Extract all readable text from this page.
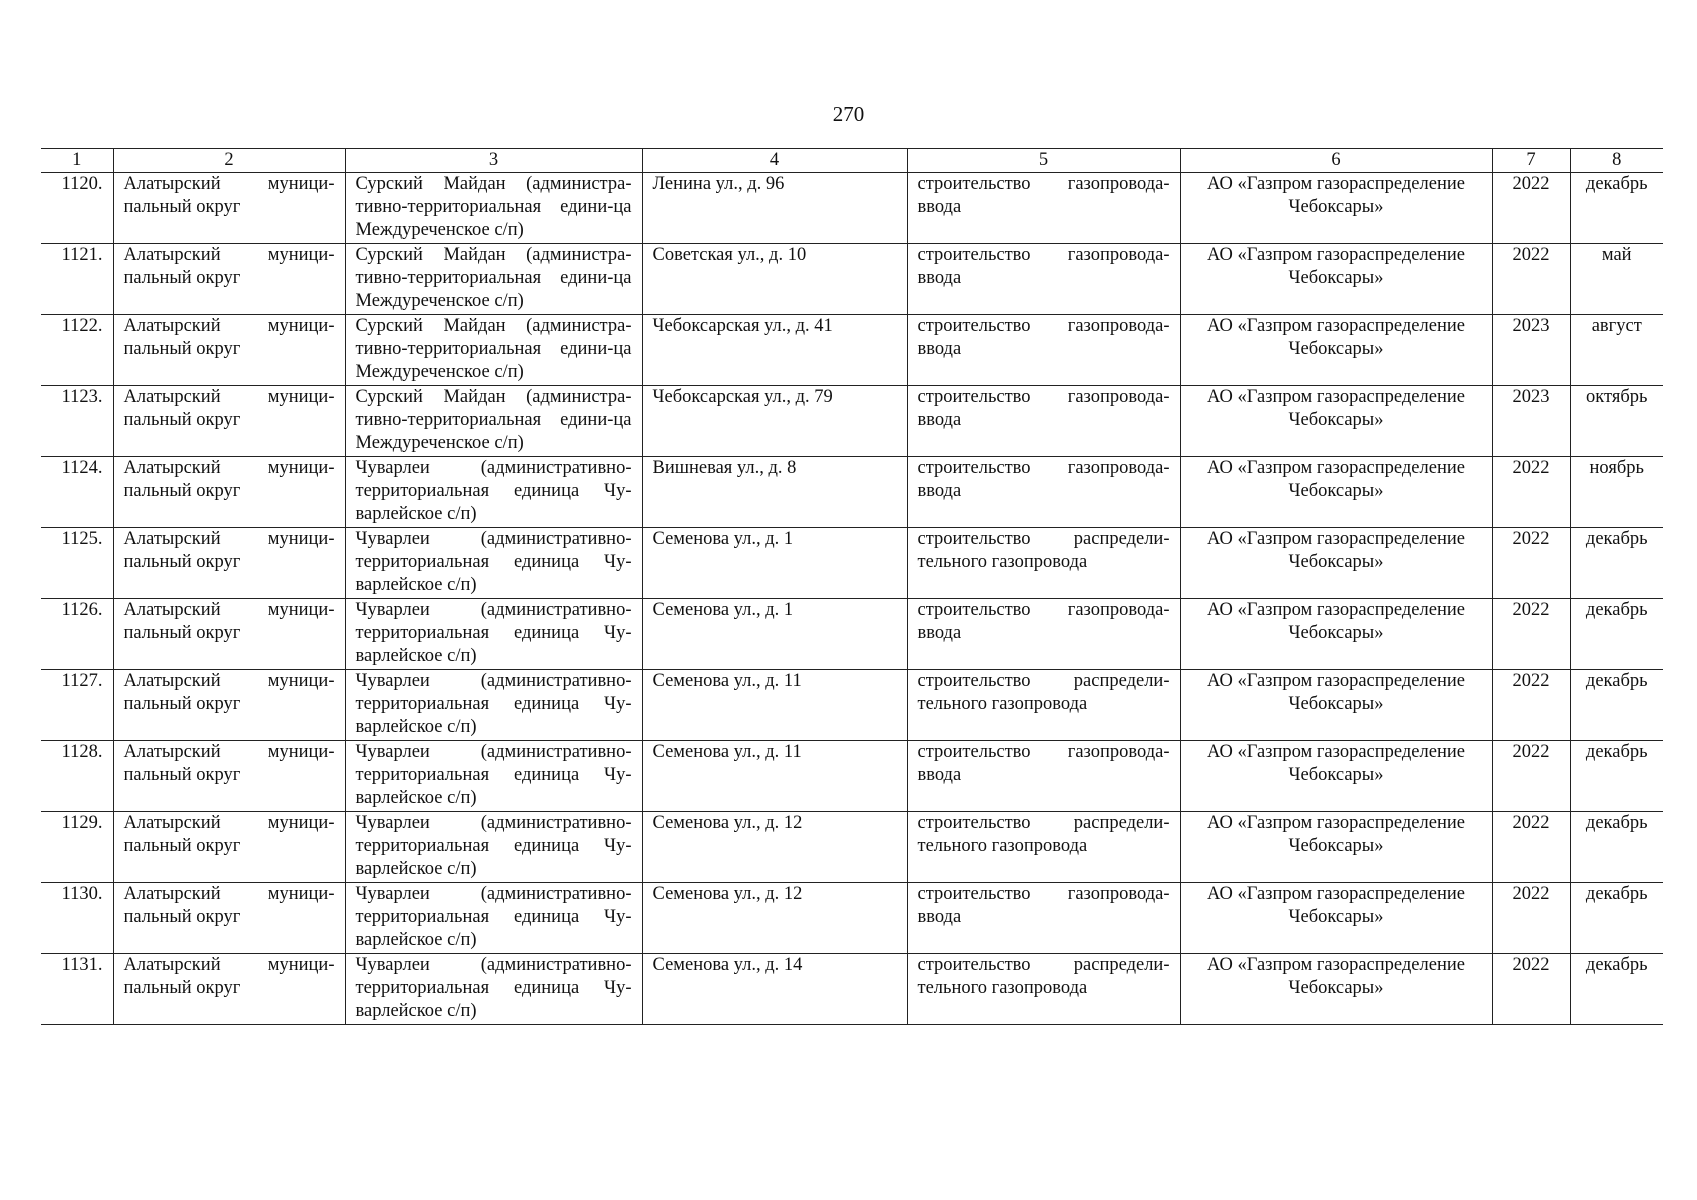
270
1	2	3	4	5	6	7	8
1120.	Алатырский муници-пальный округ	Сурский Майдан (администра-тивно-территориальная едини-ца Междуреченское с/п)	Ленина ул., д. 96	строительство газопровода-ввода	АО «Газпром газораспределение Чебоксары»	2022	декабрь
1121.	Алатырский муници-пальный округ	Сурский Майдан (администра-тивно-территориальная едини-ца Междуреченское с/п)	Советская ул., д. 10	строительство газопровода-ввода	АО «Газпром газораспределение Чебоксары»	2022	май
1122.	Алатырский муници-пальный округ	Сурский Майдан (администра-тивно-территориальная едини-ца Междуреченское с/п)	Чебоксарская ул., д. 41	строительство газопровода-ввода	АО «Газпром газораспределение Чебоксары»	2023	август
1123.	Алатырский муници-пальный округ	Сурский Майдан (администра-тивно-территориальная едини-ца Междуреченское с/п)	Чебоксарская ул., д. 79	строительство газопровода-ввода	АО «Газпром газораспределение Чебоксары»	2023	октябрь
1124.	Алатырский муници-пальный округ	Чуварлеи (административно-территориальная единица Чу-варлейское с/п)	Вишневая ул., д. 8	строительство газопровода-ввода	АО «Газпром газораспределение Чебоксары»	2022	ноябрь
1125.	Алатырский муници-пальный округ	Чуварлеи (административно-территориальная единица Чу-варлейское с/п)	Семенова ул., д. 1	строительство распредели-тельного газопровода	АО «Газпром газораспределение Чебоксары»	2022	декабрь
1126.	Алатырский муници-пальный округ	Чуварлеи (административно-территориальная единица Чу-варлейское с/п)	Семенова ул., д. 1	строительство газопровода-ввода	АО «Газпром газораспределение Чебоксары»	2022	декабрь
1127.	Алатырский муници-пальный округ	Чуварлеи (административно-территориальная единица Чу-варлейское с/п)	Семенова ул., д. 11	строительство распредели-тельного газопровода	АО «Газпром газораспределение Чебоксары»	2022	декабрь
1128.	Алатырский муници-пальный округ	Чуварлеи (административно-территориальная единица Чу-варлейское с/п)	Семенова ул., д. 11	строительство газопровода-ввода	АО «Газпром газораспределение Чебоксары»	2022	декабрь
1129.	Алатырский муници-пальный округ	Чуварлеи (административно-территориальная единица Чу-варлейское с/п)	Семенова ул., д. 12	строительство распредели-тельного газопровода	АО «Газпром газораспределение Чебоксары»	2022	декабрь
1130.	Алатырский муници-пальный округ	Чуварлеи (административно-территориальная единица Чу-варлейское с/п)	Семенова ул., д. 12	строительство газопровода-ввода	АО «Газпром газораспределение Чебоксары»	2022	декабрь
1131.	Алатырский муници-пальный округ	Чуварлеи (административно-территориальная единица Чу-варлейское с/п)	Семенова ул., д. 14	строительство распредели-тельного газопровода	АО «Газпром газораспределение Чебоксары»	2022	декабрь
